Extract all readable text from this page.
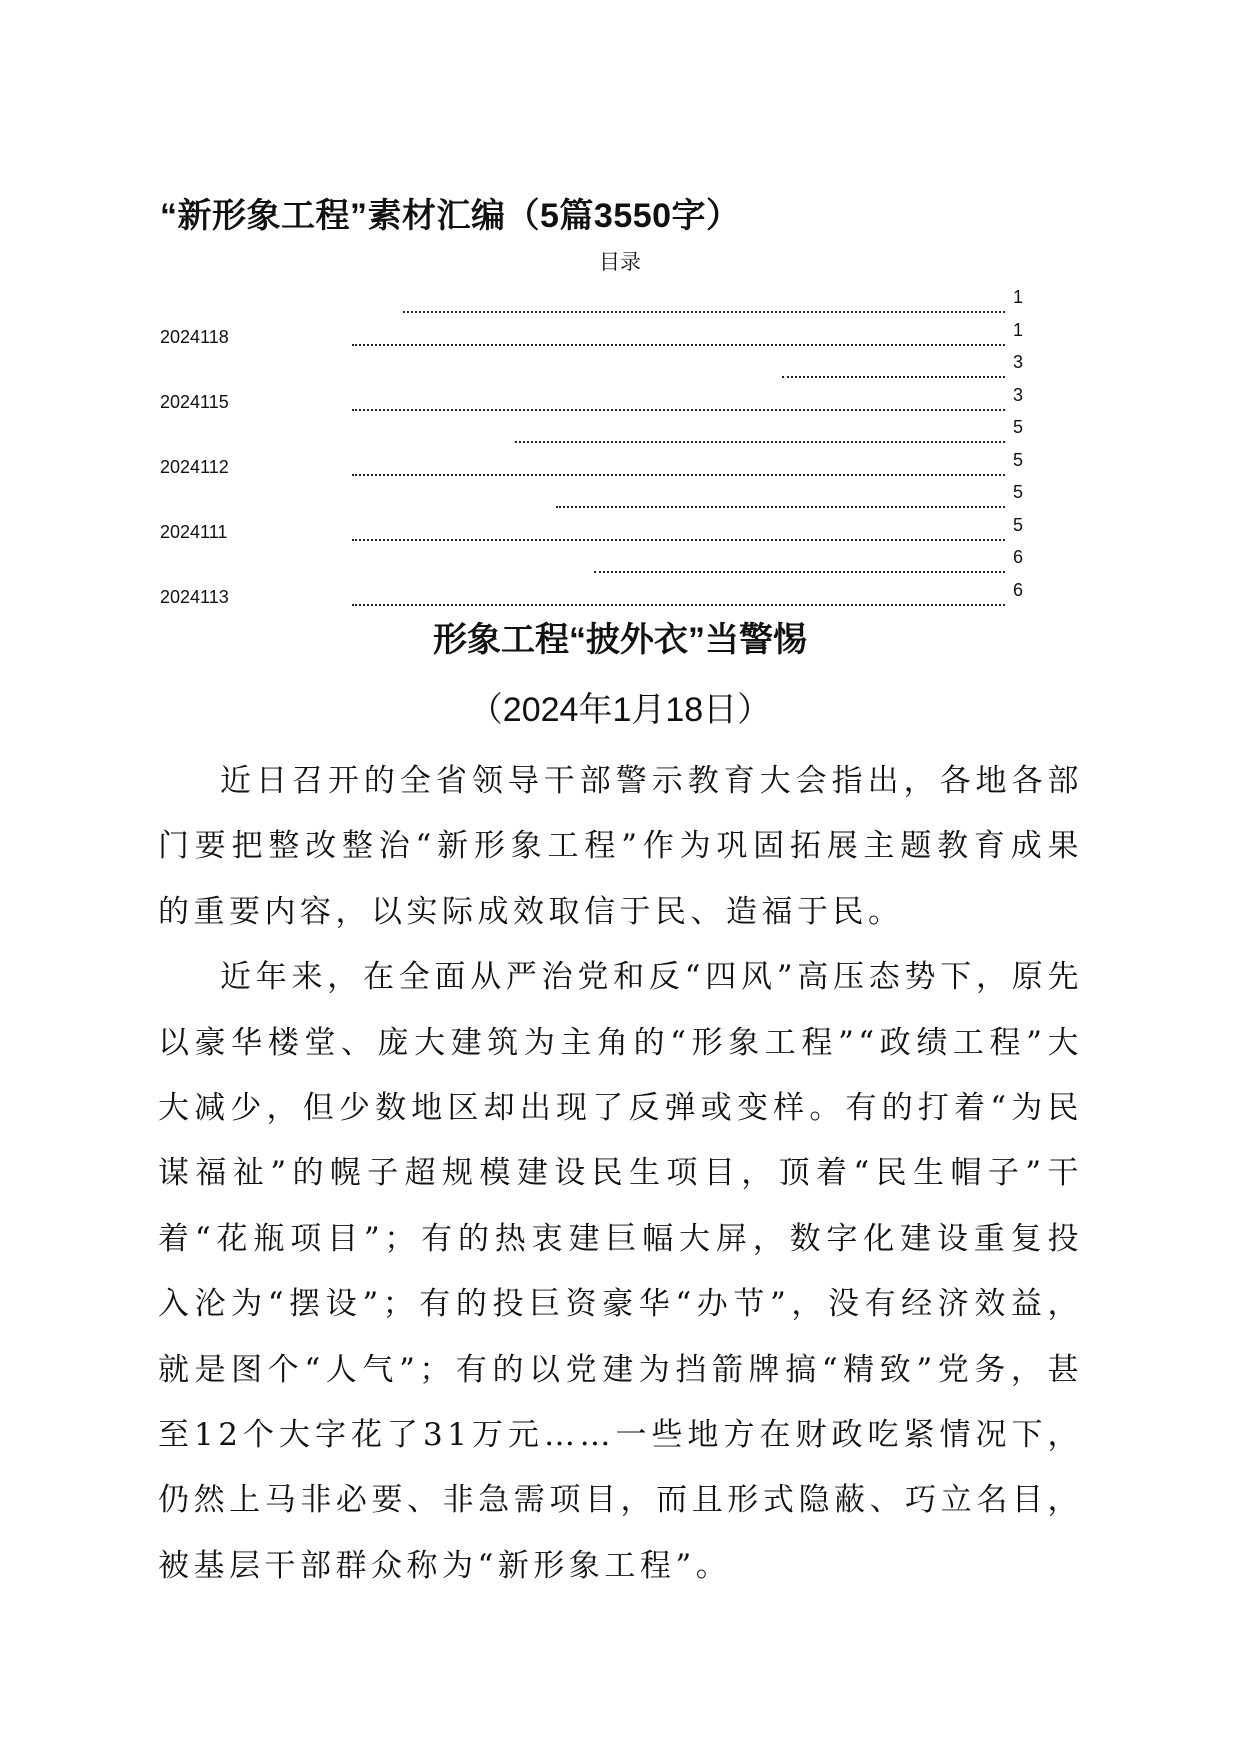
“新形象工程”素材汇编（5篇3550字）
目录
1
2024118	1
3
2024115	3
5
2024112	5
5
2024111	5
6
2024113	6
形象工程“披外衣”当警惕
（2024年1月18日）

近日召开的全省领导干部警示教育大会指出，各地各部门要把整改整治“新形象工程”作为巩固拓展主题教育成果的重要内容，以实际成效取信于民、造福于民。

近年来，在全面从严治党和反“四风”高压态势下，原先以豪华楼堂、庞大建筑为主角的“形象工程”“政绩工程”大大减少，但少数地区却出现了反弹或变样。有的打着“为民谋福祉”的幌子超规模建设民生项目，顶着“民生帽子”干着“花瓶项目”；有的热衷建巨幅大屏，数字化建设重复投入沦为“摆设”；有的投巨资豪华“办节”，没有经济效益，就是图个“人气”；有的以党建为挡箭牌搞“精致”党务，甚至12个大字花了31万元……一些地方在财政吃紧情况下，仍然上马非必要、非急需项目，而且形式隐蔽、巧立名目，被基层干部群众称为“新形象工程”。
